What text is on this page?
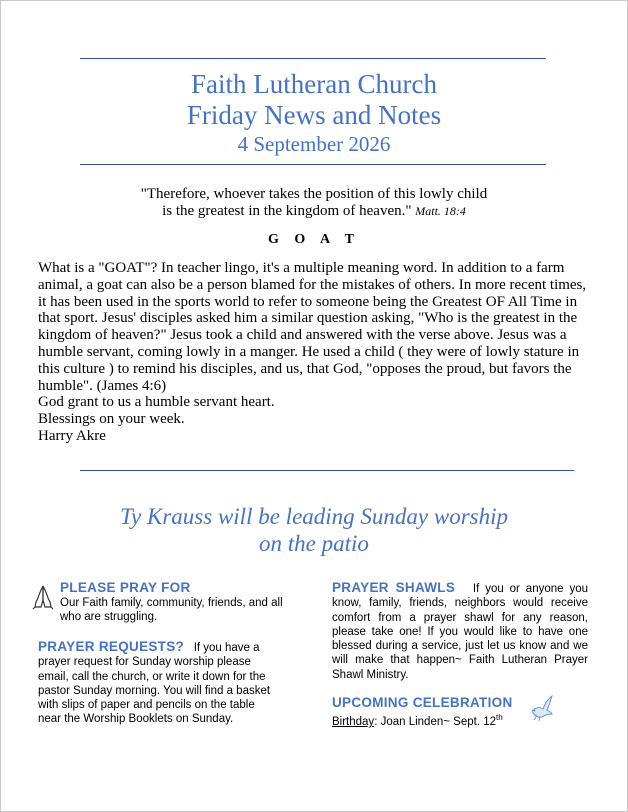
Faith Lutheran Church
Friday News and Notes
4 September 2026
"Therefore, whoever takes the position of this lowly child
is the greatest in the kingdom of heaven." Matt. 18:4
G O A T

What is a "GOAT"? In teacher lingo, it's a multiple meaning word. In addition to a farm animal, a goat can also be a person blamed for the mistakes of others. In more recent times, it has been used in the sports world to refer to someone being the Greatest OF All Time in that sport. Jesus' disciples asked him a similar question asking, "Who is the greatest in the kingdom of heaven?" Jesus took a child and answered with the verse above. Jesus was a humble servant, coming lowly in a manger. He used a child ( they were of lowly stature in this culture ) to remind his disciples, and us, that God, "opposes the proud, but favors the humble". (James 4:6)

God grant to us a humble servant heart.

Blessings on your week.

Harry Akre

Ty Krauss will be leading Sunday worship
on the patio
PLEASE PRAY FOR
Our Faith family, community, friends, and all who are struggling.
PRAYER REQUESTS? If you have a prayer request for Sunday worship please email, call the church, or write it down for the pastor Sunday morning. You will find a basket with slips of paper and pencils on the table near the Worship Booklets on Sunday.
PRAYER SHAWLS If you or anyone you know, family, friends, neighbors would receive comfort from a prayer shawl for any reason, please take one! If you would like to have one blessed during a service, just let us know and we will make that happen~ Faith Lutheran Prayer Shawl Ministry.
UPCOMING CELEBRATION
Birthday: Joan Linden~ Sept. 12th
